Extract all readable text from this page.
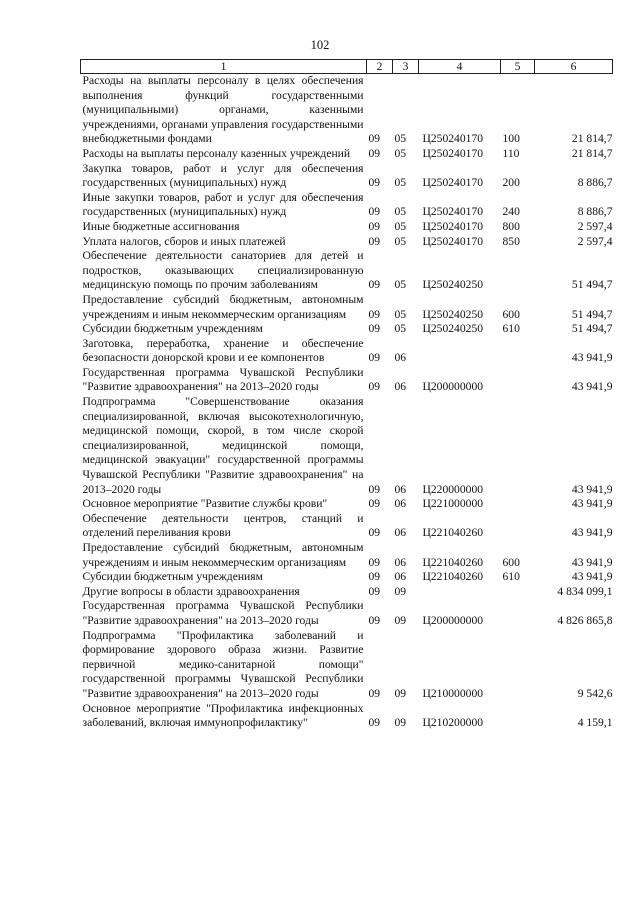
102
1	2	3	4	5	6
Расходы на выплаты персоналу в целях обеспечения выполнения функций государственными (муниципальными) органами, казенными учреждениями, органами управления государственными внебюджетными фондами	09	05	Ц250240170	100	21 814,7
Расходы на выплаты персоналу казенных учреждений	09	05	Ц250240170	110	21 814,7
Закупка товаров, работ и услуг для обеспечения государственных (муниципальных) нужд	09	05	Ц250240170	200	8 886,7
Иные закупки товаров, работ и услуг для обеспечения государственных (муниципальных) нужд	09	05	Ц250240170	240	8 886,7
Иные бюджетные ассигнования	09	05	Ц250240170	800	2 597,4
Уплата налогов, сборов и иных платежей	09	05	Ц250240170	850	2 597,4
Обеспечение деятельности санаториев для детей и подростков, оказывающих специализированную медицинскую помощь по прочим заболеваниям	09	05	Ц250240250		51 494,7
Предоставление субсидий бюджетным, автономным учреждениям и иным некоммерческим организациям	09	05	Ц250240250	600	51 494,7
Субсидии бюджетным учреждениям	09	05	Ц250240250	610	51 494,7
Заготовка, переработка, хранение и обеспечение безопасности донорской крови и ее компонентов	09	06			43 941,9
Государственная программа Чувашской Республики "Развитие здравоохранения" на 2013–2020 годы	09	06	Ц200000000		43 941,9
Подпрограмма "Совершенствование оказания специализированной, включая высокотехнологичную, медицинской помощи, скорой, в том числе скорой специализированной, медицинской помощи, медицинской эвакуации" государственной программы Чувашской Республики "Развитие здравоохранения" на 2013–2020 годы	09	06	Ц220000000		43 941,9
Основное мероприятие "Развитие службы крови"	09	06	Ц221000000		43 941,9
Обеспечение деятельности центров, станций и отделений переливания крови	09	06	Ц221040260		43 941,9
Предоставление субсидий бюджетным, автономным учреждениям и иным некоммерческим организациям	09	06	Ц221040260	600	43 941,9
Субсидии бюджетным учреждениям	09	06	Ц221040260	610	43 941,9
Другие вопросы в области здравоохранения	09	09			4 834 099,1
Государственная программа Чувашской Республики "Развитие здравоохранения" на 2013–2020 годы	09	09	Ц200000000		4 826 865,8
Подпрограмма "Профилактика заболеваний и формирование здорового образа жизни. Развитие первичной медико-санитарной помощи" государственной программы Чувашской Республики "Развитие здравоохранения" на 2013–2020 годы	09	09	Ц210000000		9 542,6
Основное мероприятие "Профилактика инфекционных заболеваний, включая иммунопрофилактику"	09	09	Ц210200000		4 159,1
